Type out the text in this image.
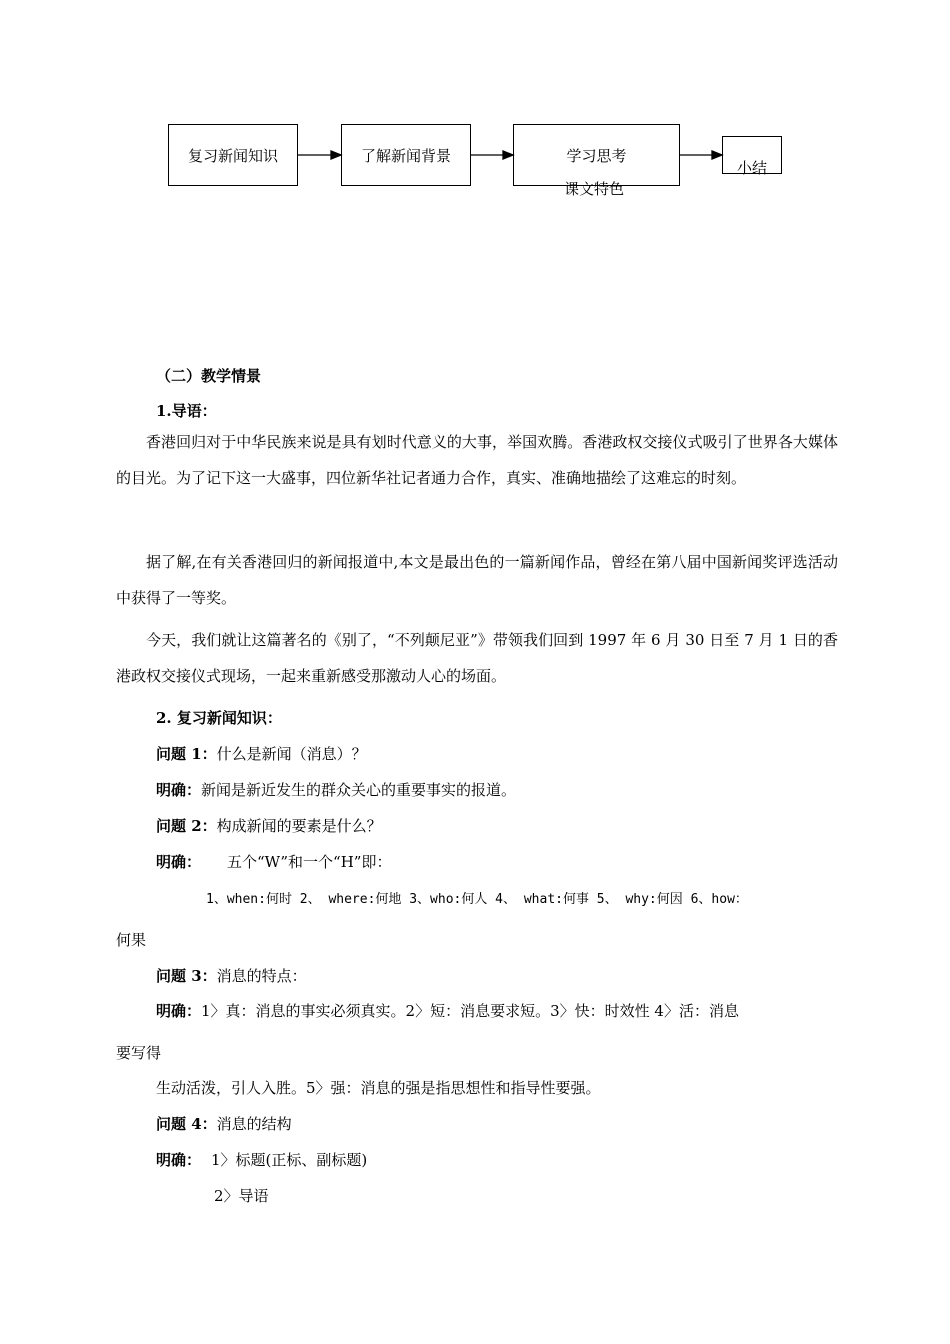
复习新闻知识	了解新闻背景	学习思考
课文特色
小结
（二）教学情景
1.导语：
香港回归对于中华民族来说是具有划时代意义的大事，举国欢腾。香港政权交接仪式吸引了世界各大媒体的目光。为了记下这一大盛事，四位新华社记者通力合作，真实、准确地描绘了这难忘的时刻。
据了解,在有关香港回归的新闻报道中,本文是最出色的一篇新闻作品，曾经在第八届中国新闻奖评选活动中获得了一等奖。
今天，我们就让这篇著名的《别了，“不列颠尼亚”》带领我们回到 1997 年 6 月 30 日至 7 月 1 日的香港政权交接仪式现场，一起来重新感受那激动人心的场面。
2. 复习新闻知识：
问题 1：什么是新闻（消息）？
明确：新闻是新近发生的群众关心的重要事实的报道。
问题 2：构成新闻的要素是什么？
明确： 五个“W”和一个“H”即：
1、when:何时 2、 where:何地 3、who:何人 4、 what:何事 5、 why:何因 6、how：
何果
问题 3：消息的特点：
明确：1〉真：消息的事实必须真实。2〉短：消息要求短。3〉快：时效性 4〉活：消息
要写得
生动活泼，引人入胜。5〉强：消息的强是指思想性和指导性要强。
问题 4：消息的结构
明确： 1〉标题(正标、副标题)
2〉导语
